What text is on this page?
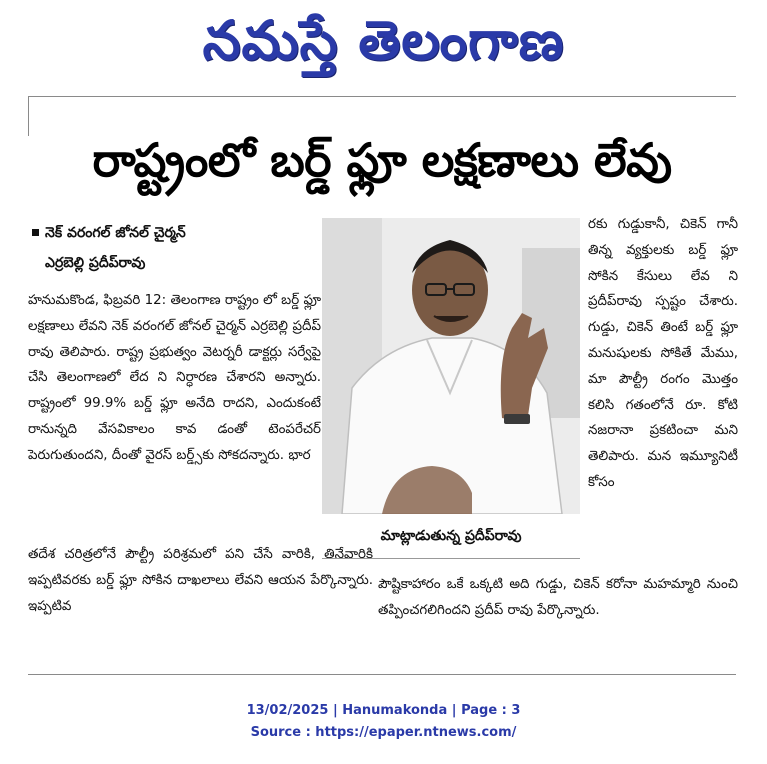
నమస్తే తెలంగాణ
రాష్ట్రంలో బర్డ్ ఫ్లూ లక్షణాలు లేవు
నెక్ వరంగల్ జోనల్ చైర్మన్
ఎర్రబెల్లి ప్రదీప్‌రావు

హనుమకొండ, ఫిబ్రవరి 12: తెలంగాణ రాష్ట్రం లో బర్డ్ ఫ్లూ లక్షణాలు లేవని నెక్ వరంగల్ జోనల్ చైర్మన్ ఎర్రబెల్లి ప్రదీప్ రావు తెలిపారు. రాష్ట్ర ప్రభుత్వం వెటర్నరీ డాక్టర్లు సర్వేపై చేసి తెలంగాణలో లేద ని నిర్ధారణ చేశారని అన్నారు. రాష్ట్రంలో 99.9% బర్డ్ ఫ్లూ అనేది రాదని, ఎందుకంటే రానున్నది వేసవికాలం కావ డంతో టెంపరేచర్ పెరుగుతుందని, దీంతో వైరస్ బర్డ్స్‌కు సోకదన్నారు. భార

తదేశ చరిత్రలోనే పౌల్ట్రీ పరిశ్రమలో పని చేసే వారికి, తినేవారికి ఇప్పటివరకు బర్డ్ ఫ్లూ సోకిన దాఖలాలు లేవని ఆయన పేర్కొన్నారు. ఇప్పటివ

మాట్లాడుతున్న ప్రదీప్‌రావు

రకు గుడ్డుకానీ, చికెన్ గానీ తిన్న వ్యక్తులకు బర్డ్ ఫ్లూ సోకిన కేసులు లేవ ని ప్రదీప్‌రావు స్పష్టం చేశారు. గుడ్డు, చికెన్ తింటే బర్డ్ ఫ్లూ మనుషులకు సోకితే మేము, మా పౌల్ట్రీ రంగం మొత్తం కలిసి గతంలోనే రూ. కోటి నజరానా ప్రకటించా మని తెలిపారు. మన ఇమ్యూనిటీ కోసం

పౌష్టికాహారం ఒకే ఒక్కటి అది గుడ్డు, చికెన్ కరోనా మహమ్మారి నుంచి తప్పించగలిగిందని ప్రదీప్ రావు పేర్కొన్నారు.

13/02/2025 | Hanumakonda | Page : 3
Source : https://epaper.ntnews.com/
